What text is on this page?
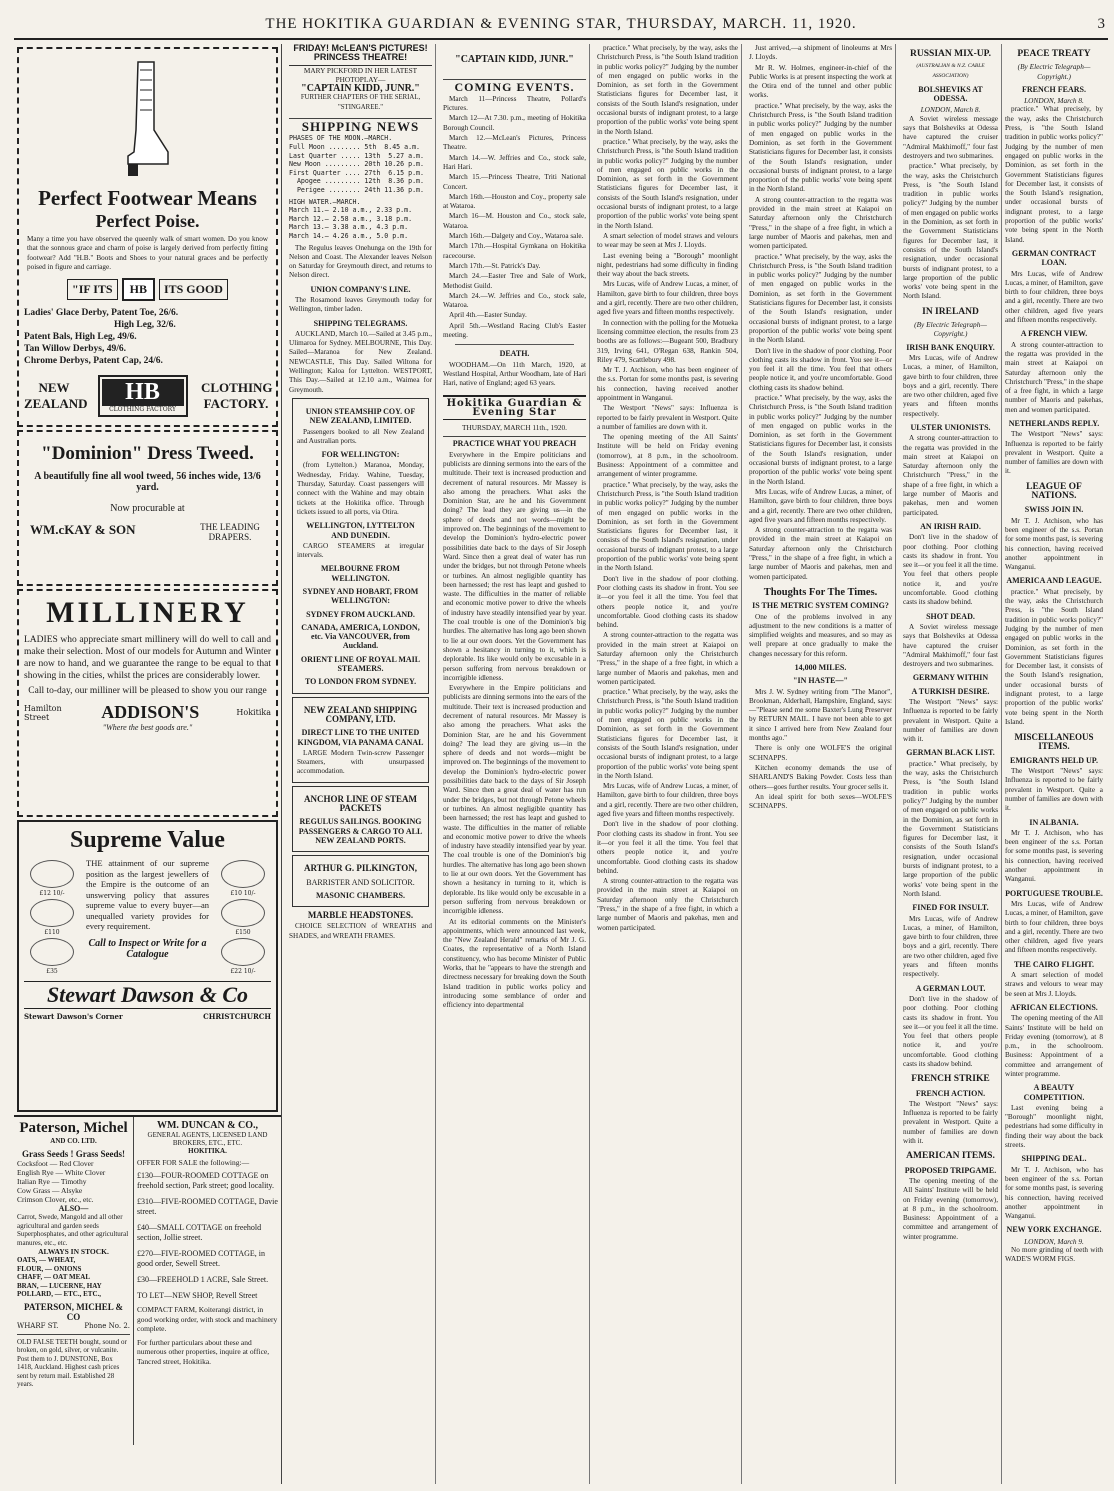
THE HOKITIKA GUARDIAN & EVENING STAR, THURSDAY, MARCH. 11, 1920.	3
Perfect Footwear Means
Perfect Poise.
Many a time you have observed the queenly walk of smart women. Do you know that the sonnous grace and charm of poise is largely derived from perfectly fitting footwear? Add "H.B." Boots and Shoes to your natural graces and be perfectly poised in figure and carriage.
"IF ITS	HB	ITS GOOD
Ladies' Glace Derby, Patent Toe, 26/6.
High Leg, 32/6.
Patent Bals, High Leg, 49/6.
Tan Willow Derbys, 49/6.
Chrome Derbys, Patent Cap, 24/6.
NEW ZEALAND	HB
CLOTHING FACTORY
CLOTHING FACTORY.
"Dominion" Dress Tweed.
A beautifully fine all wool tweed, 56 inches wide, 13/6 yard.
Now procurable at
WM.cKAY & SON	THE LEADING DRAPERS.
MILLINERY
LADIES who appreciate smart millinery will do well to call and make their selection. Most of our models for Autumn and Winter are now to hand, and we guarantee the range to be equal to that showing in the cities, whilst the prices are considerably lower.
Call to-day, our milliner will be pleased to show you our range
Hamilton Street	ADDISON'S	Hokitika
"Where the best goods are."
Supreme Value
£12 10/-
£110
£35
THE attainment of our supreme position as the largest jewellers of the Empire is the outcome of an unswerving policy that assures supreme value to every buyer—an unequalled variety provides for every requirement.
Call to Inspect or Write for a Catalogue
£10 10/-
£150
£22 10/-
Stewart Dawson & Co
Stewart Dawson's Corner	CHRISTCHURCH
Paterson, Michel
AND CO. LTD.
Grass Seeds ! Grass Seeds!
Cocksfoot — Red Clover
English Rye — White Clover
Italian Rye — Timothy
Cow Grass — Alsyke
Crimson Clover, etc., etc.
ALSO—
Carrot, Swede, Mangold and all other agricultural and garden seeds Superphosphates, and other agricultural manures, etc., etc.
ALWAYS IN STOCK.
OATS, — WHEAT,
FLOUR, — ONIONS
CHAFF, — OAT MEAL
BRAN, — LUCERNE, HAY
POLLARD, — ETC., ETC.,
PATERSON, MICHEL & CO
WHARF ST.	Phone No. 2.
OLD FALSE TEETH bought, sound or broken, on gold, silver, or vulcanite. Post them to J. DUNSTONE, Box 1418, Auckland. Highest cash prices sent by return mail. Established 28 years.
WM. DUNCAN & CO.,
GENERAL AGENTS, LICENSED LAND BROKERS, ETC., ETC.
HOKITIKA.
OFFER FOR SALE the following:—
£130—FOUR-ROOMED COTTAGE on freehold section, Park street; good locality.
£310—FIVE-ROOMED COTTAGE, Davie street.
£40—SMALL COTTAGE on freehold section, Jollie street.
£270—FIVE-ROOMED COTTAGE, in good order, Sewell Street.
£30—FREEHOLD 1 ACRE, Sale Street.
TO LET—NEW SHOP, Revell Street
COMPACT FARM, Koiterangi district, in good working order, with stock and machinery complete.
For further particulars about these and numerous other properties, inquire at office, Tancred street, Hokitika.
FRIDAY! McLEAN'S PICTURES! PRINCESS THEATRE!
MARY PICKFORD IN HER LATEST PHOTOPLAY—
"CAPTAIN KIDD, JUNR."
FURTHER CHAPTERS OF THE SERIAL, "STINGAREE."
SHIPPING NEWS
PHASES OF THE MOON.—MARCH.
Full Moon ........ 5th  8.45 a.m.
Last Quarter ..... 13th  5.27 a.m.
New Moon ......... 20th 10.26 p.m.
First Quarter .... 27th  6.15 p.m.
Apogee ......... 12th  8.36 p.m.
Perigee ........ 24th 11.36 p.m.
HIGH WATER.—MARCH.
March 11.— 2.10 a.m., 2.33 p.m.
March 12.— 2.58 a.m., 3.18 p.m.
March 13.— 3.38 a.m., 4.3 p.m.
March 14.— 4.26 a.m., 5.0 p.m.

The Regulus leaves Onehunga on the 19th for Nelson and Coast. The Alexander leaves Nelson on Saturday for Greymouth direct, and returns to Nelson direct.

UNION COMPANY'S LINE.

The Rosamond leaves Greymouth today for Wellington, timber laden.

SHIPPING TELEGRAMS.

AUCKLAND, March 10.—Sailed at 3.45 p.m., Ulimaroa for Sydney. MELBOURNE, This Day. Sailed—Maranoa for New Zealand. NEWCASTLE, This Day. Sailed Wiltona for Wellington; Kaloa for Lyttelton. WESTPORT, This Day.—Sailed at 12.10 a.m., Waimea for Greymouth.

UNION STEAMSHIP COY. OF NEW ZEALAND, LIMITED.

Passengers booked to all New Zealand and Australian ports.

FOR WELLINGTON:

(from Lyttelton.) Maranoa, Monday, Wednesday, Friday. Wahine, Tuesday, Thursday, Saturday. Coast passengers will connect with the Wahine and may obtain tickets at the Hokitika office. Through tickets issued to all ports, via Otira.

WELLINGTON, LYTTELTON AND DUNEDIN.

CARGO STEAMERS at irregular intervals.

MELBOURNE FROM WELLINGTON.
SYDNEY AND HOBART, FROM WELLINGTON:
SYDNEY FROM AUCKLAND.
CANADA, AMERICA, LONDON, etc. Via VANCOUVER, from Auckland.
ORIENT LINE OF ROYAL MAIL STEAMERS.
TO LONDON FROM SYDNEY.
NEW ZEALAND SHIPPING COMPANY, LTD.
DIRECT LINE TO THE UNITED KINGDOM, VIA PANAMA CANAL

LARGE Modern Twin-screw Passenger Steamers, with unsurpassed accommodation.

ANCHOR LINE OF STEAM PACKETS
REGULUS SAILINGS. BOOKING PASSENGERS & CARGO TO ALL NEW ZEALAND PORTS.
ARTHUR G. PILKINGTON,
BARRISTER AND SOLICITOR.
MASONIC CHAMBERS.
MARBLE HEADSTONES.

CHOICE SELECTION of WREATHS and SHADES, and WREATH FRAMES.

"CAPTAIN KIDD, JUNR."
COMING EVENTS.

March 11—Princess Theatre, Pollard's Pictures.

March 12—At 7.30. p.m., meeting of Hokitika Borough Council.

March 12.—McLean's Pictures, Princess Theatre.

March 14.—W. Jeffries and Co., stock sale, Hari Hari.

March 15.—Princess Theatre, Triti National Concert.

March 16th.—Houston and Coy., property sale at Wataroa.

March 16—M. Houston and Co., stock sale, Wataroa.

March 16th.—Dalgety and Coy., Wataroa sale.

March 17th.—Hospital Gymkana on Hokitika racecourse.

March 17th.—St. Patrick's Day.

March 24.—Easter Tree and Sale of Work, Methodist Guild.

March 24.—W. Jeffries and Co., stock sale, Wataroa.

April 4th.—Easter Sunday.

April 5th.—Westland Racing Club's Easter meeting.

DEATH.

WOODHAM.—On 11th March, 1920, at Westland Hospital, Arthur Woodham, late of Hari Hari, native of England; aged 63 years.

Hokitika Guardian & Evening Star
THURSDAY, MARCH 11th., 1920.
PRACTICE WHAT YOU PREACH

Everywhere in the Empire politicians and publicists are dinning sermons into the ears of the multitude. Their text is increased production and decrement of natural resources. Mr Massey is also among the preachers. What asks the Dominion Star, are he and his Government doing? The lead they are giving us—in the sphere of deeds and not words—might be improved on. The beginnings of the movement to develop the Dominion's hydro-electric power possibilities date back to the days of Sir Joseph Ward. Since then a great deal of water has run under the bridges, but not through Petone wheels or turbines. An almost negligible quantity has been harnessed; the rest has leapt and gushed to waste. The difficulties in the matter of reliable and economic motive power to drive the wheels of industry have steadily intensified year by year. The coal trouble is one of the Dominion's big hurdles. The alternative has long ago been shown to lie at our own doors. Yet the Government has shown a hesitancy in turning to it, which is deplorable. Its like would only be excusable in a person suffering from nervous breakdown or incorrigible idleness.

Everywhere in the Empire politicians and publicists are dinning sermons into the ears of the multitude. Their text is increased production and decrement of natural resources. Mr Massey is also among the preachers. What asks the Dominion Star, are he and his Government doing? The lead they are giving us—in the sphere of deeds and not words—might be improved on. The beginnings of the movement to develop the Dominion's hydro-electric power possibilities date back to the days of Sir Joseph Ward. Since then a great deal of water has run under the bridges, but not through Petone wheels or turbines. An almost negligible quantity has been harnessed; the rest has leapt and gushed to waste. The difficulties in the matter of reliable and economic motive power to drive the wheels of industry have steadily intensified year by year. The coal trouble is one of the Dominion's big hurdles. The alternative has long ago been shown to lie at our own doors. Yet the Government has shown a hesitancy in turning to it, which is deplorable. Its like would only be excusable in a person suffering from nervous breakdown or incorrigible idleness.

At its editorial comments on the Minister's appointments, which were announced last week, the "New Zealand Herald" remarks of Mr J. G. Coates, the representative of a North Island constituency, who has become Minister of Public Works, that he "appears to have the strength and directness necessary for breaking down the South Island tradition in public works policy and introducing some semblance of order and efficiency into departmental

practice." What precisely, by the way, asks the Christchurch Press, is "the South Island tradition in public works policy?" Judging by the number of men engaged on public works in the Dominion, as set forth in the Government Statisticians figures for December last, it consists of the South Island's resignation, under occasional bursts of indignant protest, to a large proportion of the public works' vote being spent in the North Island.

practice." What precisely, by the way, asks the Christchurch Press, is "the South Island tradition in public works policy?" Judging by the number of men engaged on public works in the Dominion, as set forth in the Government Statisticians figures for December last, it consists of the South Island's resignation, under occasional bursts of indignant protest, to a large proportion of the public works' vote being spent in the North Island.

A smart selection of model straws and velours to wear may be seen at Mrs J. Lloyds.

Last evening being a "Borough" moonlight night, pedestrians had some difficulty in finding their way about the back streets.

Mrs Lucas, wife of Andrew Lucas, a miner, of Hamilton, gave birth to four children, three boys and a girl, recently. There are two other children, aged five years and fifteen months respectively.

In connection with the polling for the Motueka licensing committee election, the results from 23 booths are as follows:—Bugeant 500, Bradbury 319, Irving 641, O'Regan 638, Rankin 504, Riley 479, Scattlebury 498.

Mr T. J. Atchison, who has been engineer of the s.s. Portan for some months past, is severing his connection, having received another appointment in Wanganui.

The Westport "News" says: Influenza is reported to be fairly prevalent in Westport. Quite a number of families are down with it.

The opening meeting of the All Saints' Institute will be held on Friday evening (tomorrow), at 8 p.m., in the schoolroom. Business: Appointment of a committee and arrangement of winter programme.

practice." What precisely, by the way, asks the Christchurch Press, is "the South Island tradition in public works policy?" Judging by the number of men engaged on public works in the Dominion, as set forth in the Government Statisticians figures for December last, it consists of the South Island's resignation, under occasional bursts of indignant protest, to a large proportion of the public works' vote being spent in the North Island.

Don't live in the shadow of poor clothing. Poor clothing casts its shadow in front. You see it—or you feel it all the time. You feel that others people notice it, and you're uncomfortable. Good clothing casts its shadow behind.

A strong counter-attraction to the regatta was provided in the main street at Kaiapoi on Saturday afternoon only the Christchurch "Press," in the shape of a free fight, in which a large number of Maoris and pakehas, men and women participated.

practice." What precisely, by the way, asks the Christchurch Press, is "the South Island tradition in public works policy?" Judging by the number of men engaged on public works in the Dominion, as set forth in the Government Statisticians figures for December last, it consists of the South Island's resignation, under occasional bursts of indignant protest, to a large proportion of the public works' vote being spent in the North Island.

Mrs Lucas, wife of Andrew Lucas, a miner, of Hamilton, gave birth to four children, three boys and a girl, recently. There are two other children, aged five years and fifteen months respectively.

Don't live in the shadow of poor clothing. Poor clothing casts its shadow in front. You see it—or you feel it all the time. You feel that others people notice it, and you're uncomfortable. Good clothing casts its shadow behind.

A strong counter-attraction to the regatta was provided in the main street at Kaiapoi on Saturday afternoon only the Christchurch "Press," in the shape of a free fight, in which a large number of Maoris and pakehas, men and women participated.

Just arrived,—a shipment of linoleums at Mrs J. Lloyds.

Mr R. W. Holmes, engineer-in-chief of the Public Works is at present inspecting the work at the Otira end of the tunnel and other public works.

practice." What precisely, by the way, asks the Christchurch Press, is "the South Island tradition in public works policy?" Judging by the number of men engaged on public works in the Dominion, as set forth in the Government Statisticians figures for December last, it consists of the South Island's resignation, under occasional bursts of indignant protest, to a large proportion of the public works' vote being spent in the North Island.

A strong counter-attraction to the regatta was provided in the main street at Kaiapoi on Saturday afternoon only the Christchurch "Press," in the shape of a free fight, in which a large number of Maoris and pakehas, men and women participated.

practice." What precisely, by the way, asks the Christchurch Press, is "the South Island tradition in public works policy?" Judging by the number of men engaged on public works in the Dominion, as set forth in the Government Statisticians figures for December last, it consists of the South Island's resignation, under occasional bursts of indignant protest, to a large proportion of the public works' vote being spent in the North Island.

Don't live in the shadow of poor clothing. Poor clothing casts its shadow in front. You see it—or you feel it all the time. You feel that others people notice it, and you're uncomfortable. Good clothing casts its shadow behind.

practice." What precisely, by the way, asks the Christchurch Press, is "the South Island tradition in public works policy?" Judging by the number of men engaged on public works in the Dominion, as set forth in the Government Statisticians figures for December last, it consists of the South Island's resignation, under occasional bursts of indignant protest, to a large proportion of the public works' vote being spent in the North Island.

Mrs Lucas, wife of Andrew Lucas, a miner, of Hamilton, gave birth to four children, three boys and a girl, recently. There are two other children, aged five years and fifteen months respectively.

A strong counter-attraction to the regatta was provided in the main street at Kaiapoi on Saturday afternoon only the Christchurch "Press," in the shape of a free fight, in which a large number of Maoris and pakehas, men and women participated.

Thoughts For The Times.
IS THE METRIC SYSTEM COMING?

One of the problems involved in any adjustment to the new conditions is a matter of simplified weights and measures, and so may as well prepare at once gradually to make the changes necessary for this reform.

14,000 MILES.
"IN HASTE—"

Mrs J. W. Sydney writing from "The Manor", Brookman, Alderhall, Hampshire, England, says:—"Please send me some Baxter's Lung Preserver by RETURN MAIL. I have not been able to get it since I arrived here from New Zealand four months ago."

There is only one WOLFE'S the original SCHNAPPS.

Kitchen economy demands the use of SHARLAND'S Baking Powder. Costs less than others—goes further results. Your grocer sells it.

An ideal spirit for both sexes—WOLFE'S SCHNAPPS.

RUSSIAN MIX-UP.
(AUSTRALIAN & N.Z. CABLE ASSOCIATION)
BOLSHEVIKS AT ODESSA.
LONDON, March 8.

A Soviet wireless message says that Bolsheviks at Odessa have captured the cruiser "Admiral Makhimoff," four fast destroyers and two submarines.

practice." What precisely, by the way, asks the Christchurch Press, is "the South Island tradition in public works policy?" Judging by the number of men engaged on public works in the Dominion, as set forth in the Government Statisticians figures for December last, it consists of the South Island's resignation, under occasional bursts of indignant protest, to a large proportion of the public works' vote being spent in the North Island.

IN IRELAND
(By Electric Telegraph—Copyright.)
IRISH BANK ENQUIRY.

Mrs Lucas, wife of Andrew Lucas, a miner, of Hamilton, gave birth to four children, three boys and a girl, recently. There are two other children, aged five years and fifteen months respectively.

ULSTER UNIONISTS.

A strong counter-attraction to the regatta was provided in the main street at Kaiapoi on Saturday afternoon only the Christchurch "Press," in the shape of a free fight, in which a large number of Maoris and pakehas, men and women participated.

AN IRISH RAID.

Don't live in the shadow of poor clothing. Poor clothing casts its shadow in front. You see it—or you feel it all the time. You feel that others people notice it, and you're uncomfortable. Good clothing casts its shadow behind.

SHOT DEAD.

A Soviet wireless message says that Bolsheviks at Odessa have captured the cruiser "Admiral Makhimoff," four fast destroyers and two submarines.

GERMANY WITHIN
A TURKISH DESIRE.

The Westport "News" says: Influenza is reported to be fairly prevalent in Westport. Quite a number of families are down with it.

GERMAN BLACK LIST.

practice." What precisely, by the way, asks the Christchurch Press, is "the South Island tradition in public works policy?" Judging by the number of men engaged on public works in the Dominion, as set forth in the Government Statisticians figures for December last, it consists of the South Island's resignation, under occasional bursts of indignant protest, to a large proportion of the public works' vote being spent in the North Island.

FINED FOR INSULT.

Mrs Lucas, wife of Andrew Lucas, a miner, of Hamilton, gave birth to four children, three boys and a girl, recently. There are two other children, aged five years and fifteen months respectively.

A GERMAN LOUT.

Don't live in the shadow of poor clothing. Poor clothing casts its shadow in front. You see it—or you feel it all the time. You feel that others people notice it, and you're uncomfortable. Good clothing casts its shadow behind.

FRENCH STRIKE
FRENCH ACTION.

The Westport "News" says: Influenza is reported to be fairly prevalent in Westport. Quite a number of families are down with it.

AMERICAN ITEMS.
PROPOSED TRIPGAME.

The opening meeting of the All Saints' Institute will be held on Friday evening (tomorrow), at 8 p.m., in the schoolroom. Business: Appointment of a committee and arrangement of winter programme.

PEACE TREATY
(By Electric Telegraph—Copyright.)
FRENCH FEARS.
LONDON, March 8.

practice." What precisely, by the way, asks the Christchurch Press, is "the South Island tradition in public works policy?" Judging by the number of men engaged on public works in the Dominion, as set forth in the Government Statisticians figures for December last, it consists of the South Island's resignation, under occasional bursts of indignant protest, to a large proportion of the public works' vote being spent in the North Island.

GERMAN CONTRACT LOAN.

Mrs Lucas, wife of Andrew Lucas, a miner, of Hamilton, gave birth to four children, three boys and a girl, recently. There are two other children, aged five years and fifteen months respectively.

A FRENCH VIEW.

A strong counter-attraction to the regatta was provided in the main street at Kaiapoi on Saturday afternoon only the Christchurch "Press," in the shape of a free fight, in which a large number of Maoris and pakehas, men and women participated.

NETHERLANDS REPLY.

The Westport "News" says: Influenza is reported to be fairly prevalent in Westport. Quite a number of families are down with it.

LEAGUE OF NATIONS.
SWISS JOIN IN.

Mr T. J. Atchison, who has been engineer of the s.s. Portan for some months past, is severing his connection, having received another appointment in Wanganui.

AMERICA AND LEAGUE.

practice." What precisely, by the way, asks the Christchurch Press, is "the South Island tradition in public works policy?" Judging by the number of men engaged on public works in the Dominion, as set forth in the Government Statisticians figures for December last, it consists of the South Island's resignation, under occasional bursts of indignant protest, to a large proportion of the public works' vote being spent in the North Island.

MISCELLANEOUS ITEMS.
EMIGRANTS HELD UP.

The Westport "News" says: Influenza is reported to be fairly prevalent in Westport. Quite a number of families are down with it.

IN ALBANIA.

Mr T. J. Atchison, who has been engineer of the s.s. Portan for some months past, is severing his connection, having received another appointment in Wanganui.

PORTUGUESE TROUBLE.

Mrs Lucas, wife of Andrew Lucas, a miner, of Hamilton, gave birth to four children, three boys and a girl, recently. There are two other children, aged five years and fifteen months respectively.

THE CAIRO FLIGHT.

A smart selection of model straws and velours to wear may be seen at Mrs J. Lloyds.

AFRICAN ELECTIONS.

The opening meeting of the All Saints' Institute will be held on Friday evening (tomorrow), at 8 p.m., in the schoolroom. Business: Appointment of a committee and arrangement of winter programme.

A BEAUTY COMPETITION.

Last evening being a "Borough" moonlight night, pedestrians had some difficulty in finding their way about the back streets.

SHIPPING DEAL.

Mr T. J. Atchison, who has been engineer of the s.s. Portan for some months past, is severing his connection, having received another appointment in Wanganui.

NEW YORK EXCHANGE.
LONDON, March 9.

No more grinding of teeth with WADE'S WORM FIGS.
